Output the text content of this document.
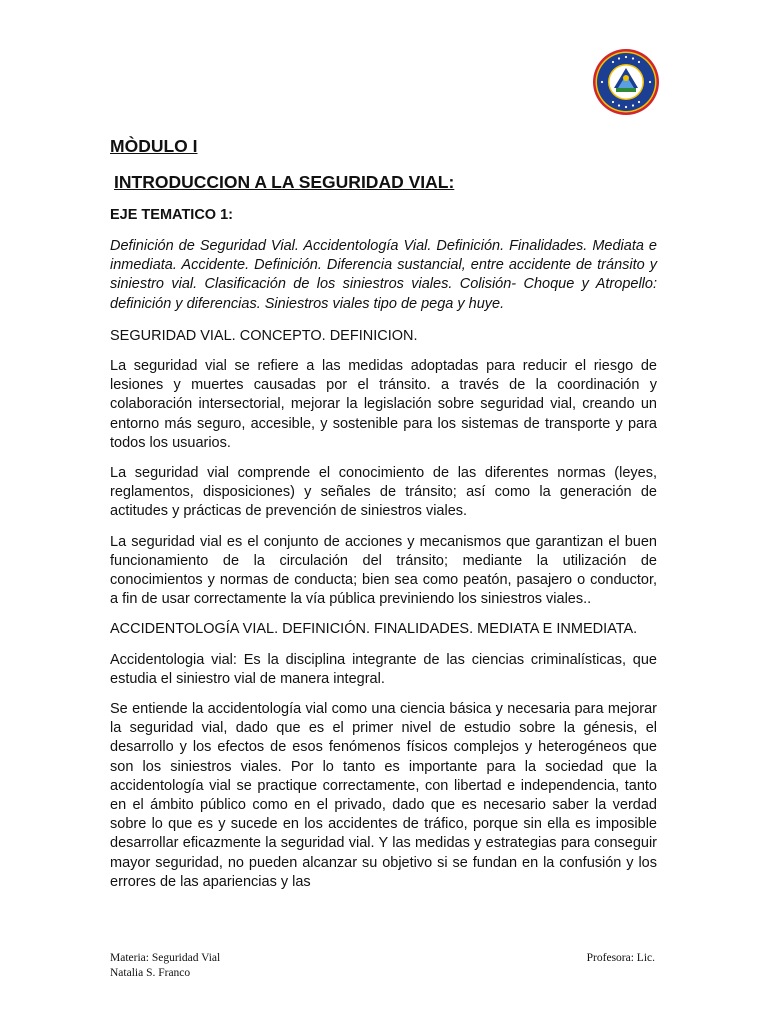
MÒDULO I
INTRODUCCION A LA SEGURIDAD VIAL:
EJE TEMATICO 1:

Definición de Seguridad Vial. Accidentología Vial. Definición. Finalidades. Mediata e inmediata. Accidente. Definición. Diferencia sustancial, entre accidente de tránsito y siniestro vial. Clasificación de los siniestros viales. Colisión- Choque y Atropello: definición y diferencias. Siniestros viales tipo de pega y huye.

SEGURIDAD VIAL. CONCEPTO. DEFINICION.

La seguridad vial se refiere a las medidas adoptadas para reducir el riesgo de lesiones y muertes causadas por el tránsito. a través de la coordinación y colaboración intersectorial, mejorar la legislación sobre seguridad vial, creando un entorno más seguro, accesible, y sostenible para los sistemas de transporte y para todos los usuarios.

La seguridad vial comprende el conocimiento de las diferentes normas (leyes, reglamentos, disposiciones) y señales de tránsito; así como la generación de actitudes y prácticas de prevención de siniestros viales.

La seguridad vial es el conjunto de acciones y mecanismos que garantizan el buen funcionamiento de la circulación del tránsito; mediante la utilización de conocimientos y normas de conducta; bien sea como peatón, pasajero o conductor, a fin de usar correctamente la vía pública previniendo los siniestros viales..

ACCIDENTOLOGÍA VIAL. DEFINICIÓN. FINALIDADES. MEDIATA E INMEDIATA.

Accidentologia vial: Es la disciplina integrante de las ciencias criminalísticas, que estudia el siniestro vial de manera integral.

Se entiende la accidentología vial como una ciencia básica y necesaria para mejorar la seguridad vial, dado que es el primer nivel de estudio sobre la génesis, el desarrollo y los efectos de esos fenómenos físicos complejos y heterogéneos que son los siniestros viales. Por lo tanto es importante para la sociedad que la accidentología vial se practique correctamente, con libertad e independencia, tanto en el ámbito público como en el privado, dado que es necesario saber la verdad sobre lo que es y sucede en los accidentes de tráfico, porque sin ella es imposible desarrollar eficazmente la seguridad vial. Y las medidas y estrategias para conseguir mayor seguridad, no pueden alcanzar su objetivo si se fundan en la confusión y los errores de las apariencias y las

Materia: Seguridad Vial	Profesora: Lic.
Natalia S. Franco
